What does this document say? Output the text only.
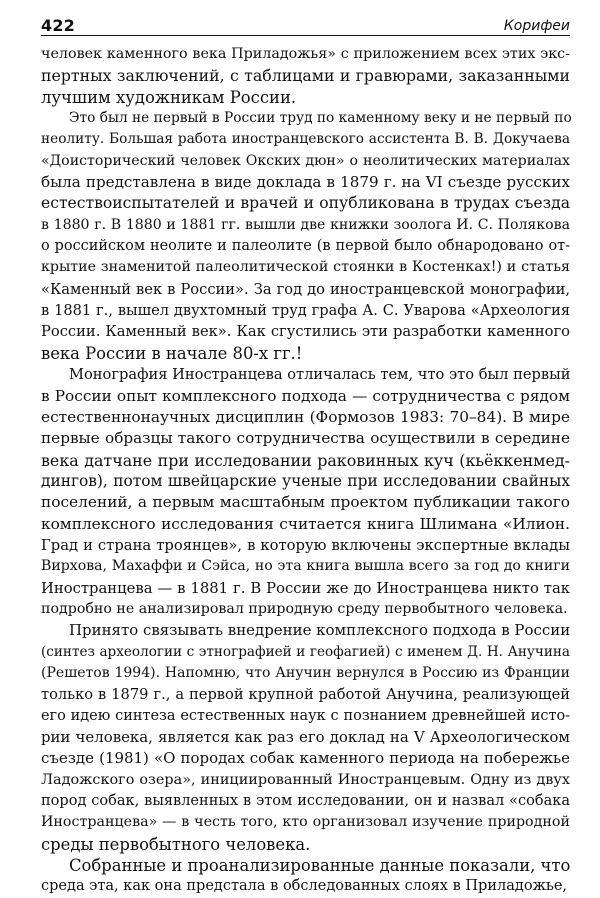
422	Корифеи

человек каменного века Приладожья» с приложением всех этих экс-
пертных заключений, с таблицами и гравюрами, заказанными
лучшим художникам России.

Это был не первый в России труд по каменному веку и не первый по
неолиту. Большая работа иностранцевского ассистента В. В. Докучаева
«Доисторический человек Окских дюн» о неолитических материалах
была представлена в виде доклада в 1879 г. на VI съезде русских
естествоиспытателей и врачей и опубликована в трудах съезда
в 1880 г. В 1880 и 1881 гг. вышли две книжки зоолога И. С. Полякова
о российском неолите и палеолите (в первой было обнародовано от-
крытие знаменитой палеолитической стоянки в Костенках!) и статья
«Каменный век в России». За год до иностранцевской монографии,
в 1881 г., вышел двухтомный труд графа А. С. Уварова «Археология
России. Каменный век». Как сгустились эти разработки каменного
века России в начале 80-х гг.!

Монография Иностранцева отличалась тем, что это был первый
в России опыт комплексного подхода — сотрудничества с рядом
естественнонаучных дисциплин (Формозов 1983: 70–84). В мире
первые образцы такого сотрудничества осуществили в середине
века датчане при исследовании раковинных куч (кьёккенмед-
дингов), потом швейцарские ученые при исследовании свайных
поселений, а первым масштабным проектом публикации такого
комплексного исследования считается книга Шлимана «Илион.
Град и страна троянцев», в которую включены экспертные вклады
Вирхова, Махаффи и Сэйса, но эта книга вышла всего за год до книги
Иностранцева — в 1881 г. В России же до Иностранцева никто так
подробно не анализировал природную среду первобытного человека.

Принято связывать внедрение комплексного подхода в России
(синтез археологии с этнографией и геофагией) с именем Д. Н. Анучина
(Решетов 1994). Напомню, что Анучин вернулся в Россию из Франции
только в 1879 г., а первой крупной работой Анучина, реализующей
его идею синтеза естественных наук с познанием древнейшей исто-
рии человека, является как раз его доклад на V Археологическом
съезде (1981) «О породах собак каменного периода на побережье
Ладожского озера», инициированный Иностранцевым. Одну из двух
пород собак, выявленных в этом исследовании, он и назвал «собака
Иностранцева» — в честь того, кто организовал изучение природной
среды первобытного человека.

Собранные и проанализированные данные показали, что
среда эта, как она предстала в обследованных слоях в Приладожье,
